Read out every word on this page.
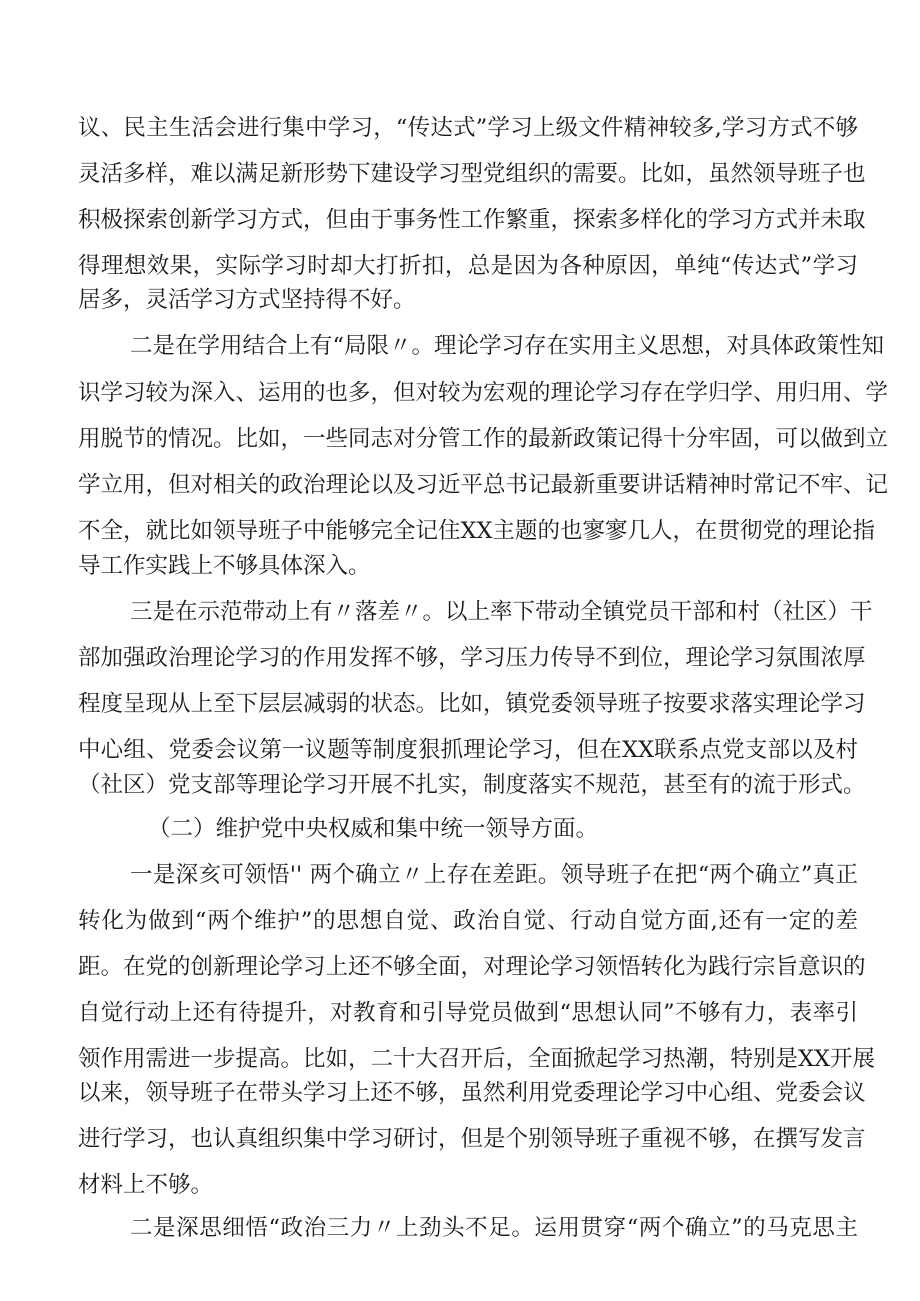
议、民主生活会进行集中学习，“传达式”学习上级文件精神较多,学习方式不够
灵活多样，难以满足新形势下建设学习型党组织的需要。比如，虽然领导班子也
积极探索创新学习方式，但由于事务性工作繁重，探索多样化的学习方式并未取
得理想效果，实际学习时却大打折扣，总是因为各种原因，单纯“传达式”学习
居多，灵活学习方式坚持得不好。
二是在学用结合上有“局限〃。理论学习存在实用主义思想，对具体政策性知
识学习较为深入、运用的也多，但对较为宏观的理论学习存在学归学、用归用、学
用脱节的情况。比如，一些同志对分管工作的最新政策记得十分牢固，可以做到立
学立用，但对相关的政治理论以及习近平总书记最新重要讲话精神时常记不牢、记
不全，就比如领导班子中能够完全记住XX主题的也寥寥几人，在贯彻党的理论指
导工作实践上不够具体深入。
三是在示范带动上有〃落差〃。以上率下带动全镇党员干部和村（社区）干
部加强政治理论学习的作用发挥不够，学习压力传导不到位，理论学习氛围浓厚
程度呈现从上至下层层减弱的状态。比如，镇党委领导班子按要求落实理论学习
中心组、党委会议第一议题等制度狠抓理论学习，但在XX联系点党支部以及村
（社区）党支部等理论学习开展不扎实，制度落实不规范，甚至有的流于形式。
（二）维护党中央权威和集中统一领导方面。
一是深亥可领悟'' 两个确立〃上存在差距。领导班子在把“两个确立”真正
转化为做到“两个维护”的思想自觉、政治自觉、行动自觉方面,还有一定的差
距。在党的创新理论学习上还不够全面，对理论学习领悟转化为践行宗旨意识的
自觉行动上还有待提升，对教育和引导党员做到“思想认同”不够有力，表率引
领作用需进一步提高。比如，二十大召开后，全面掀起学习热潮，特别是XX开展
以来，领导班子在带头学习上还不够，虽然利用党委理论学习中心组、党委会议
进行学习，也认真组织集中学习研讨，但是个别领导班子重视不够，在撰写发言
材料上不够。
二是深思细悟“政治三力〃上劲头不足。运用贯穿“两个确立”的马克思主
